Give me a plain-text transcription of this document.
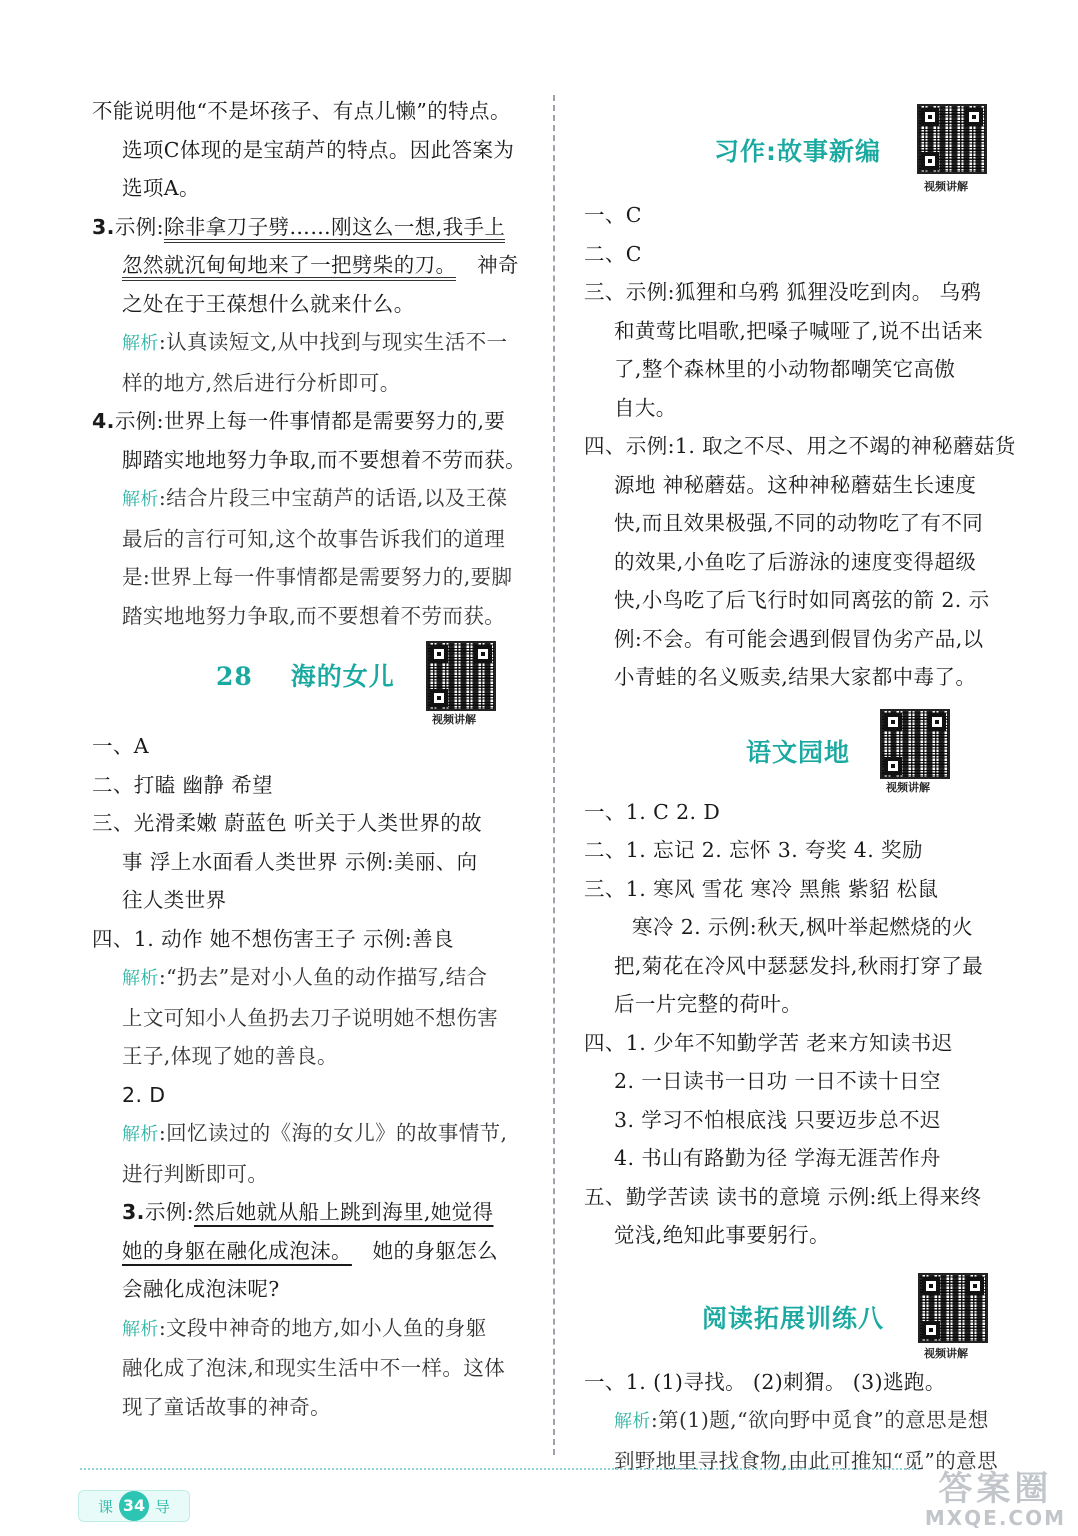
不能说明他“不是坏孩子、有点儿懒”的特点。
选项C体现的是宝葫芦的特点。因此答案为
选项A。
3.示例:除非拿刀子劈……刚这么一想,我手上
忽然就沉甸甸地来了一把劈柴的刀。 神奇
之处在于王葆想什么就来什么。
解析:认真读短文,从中找到与现实生活不一
样的地方,然后进行分析即可。
4.示例:世界上每一件事情都是需要努力的,要
脚踏实地地努力争取,而不要想着不劳而获。
解析:结合片段三中宝葫芦的话语,以及王葆
最后的言行可知,这个故事告诉我们的道理
是:世界上每一件事情都是需要努力的,要脚
踏实地地努力争取,而不要想着不劳而获。
28 海的女儿
视频讲解
一、A
二、打瞌 幽静 希望
三、光滑柔嫩 蔚蓝色 听关于人类世界的故
事 浮上水面看人类世界 示例:美丽、向
往人类世界
四、1. 动作 她不想伤害王子 示例:善良
解析:“扔去”是对小人鱼的动作描写,结合
上文可知小人鱼扔去刀子说明她不想伤害
王子,体现了她的善良。
2. D
解析:回忆读过的《海的女儿》的故事情节,
进行判断即可。
3.示例:然后她就从船上跳到海里,她觉得
她的身躯在融化成泡沫。 她的身躯怎么
会融化成泡沫呢?
解析:文段中神奇的地方,如小人鱼的身躯
融化成了泡沫,和现实生活中不一样。这体
现了童话故事的神奇。
习作:故事新编
视频讲解
一、C
二、C
三、示例:狐狸和乌鸦 狐狸没吃到肉。 乌鸦
和黄莺比唱歌,把嗓子喊哑了,说不出话来
了,整个森林里的小动物都嘲笑它高傲
自大。
四、示例:1. 取之不尽、用之不竭的神秘蘑菇货
源地 神秘蘑菇。这种神秘蘑菇生长速度
快,而且效果极强,不同的动物吃了有不同
的效果,小鱼吃了后游泳的速度变得超级
快,小鸟吃了后飞行时如同离弦的箭 2. 示
例:不会。有可能会遇到假冒伪劣产品,以
小青蛙的名义贩卖,结果大家都中毒了。
语文园地
视频讲解
一、1. C 2. D
二、1. 忘记 2. 忘怀 3. 夸奖 4. 奖励
三、1. 寒风 雪花 寒冷 黑熊 紫貂 松鼠
寒冷 2. 示例:秋天,枫叶举起燃烧的火
把,菊花在冷风中瑟瑟发抖,秋雨打穿了最
后一片完整的荷叶。
四、1. 少年不知勤学苦 老来方知读书迟
2. 一日读书一日功 一日不读十日空
3. 学习不怕根底浅 只要迈步总不迟
4. 书山有路勤为径 学海无涯苦作舟
五、勤学苦读 读书的意境 示例:纸上得来终
觉浅,绝知此事要躬行。
阅读拓展训练八
视频讲解
一、1. (1)寻找。 (2)刺猬。 (3)逃跑。
解析:第(1)题,“欲向野中觅食”的意思是想
到野地里寻找食物,由此可推知“觅”的意思
课 34 导	答案圈
MXQE.COM
